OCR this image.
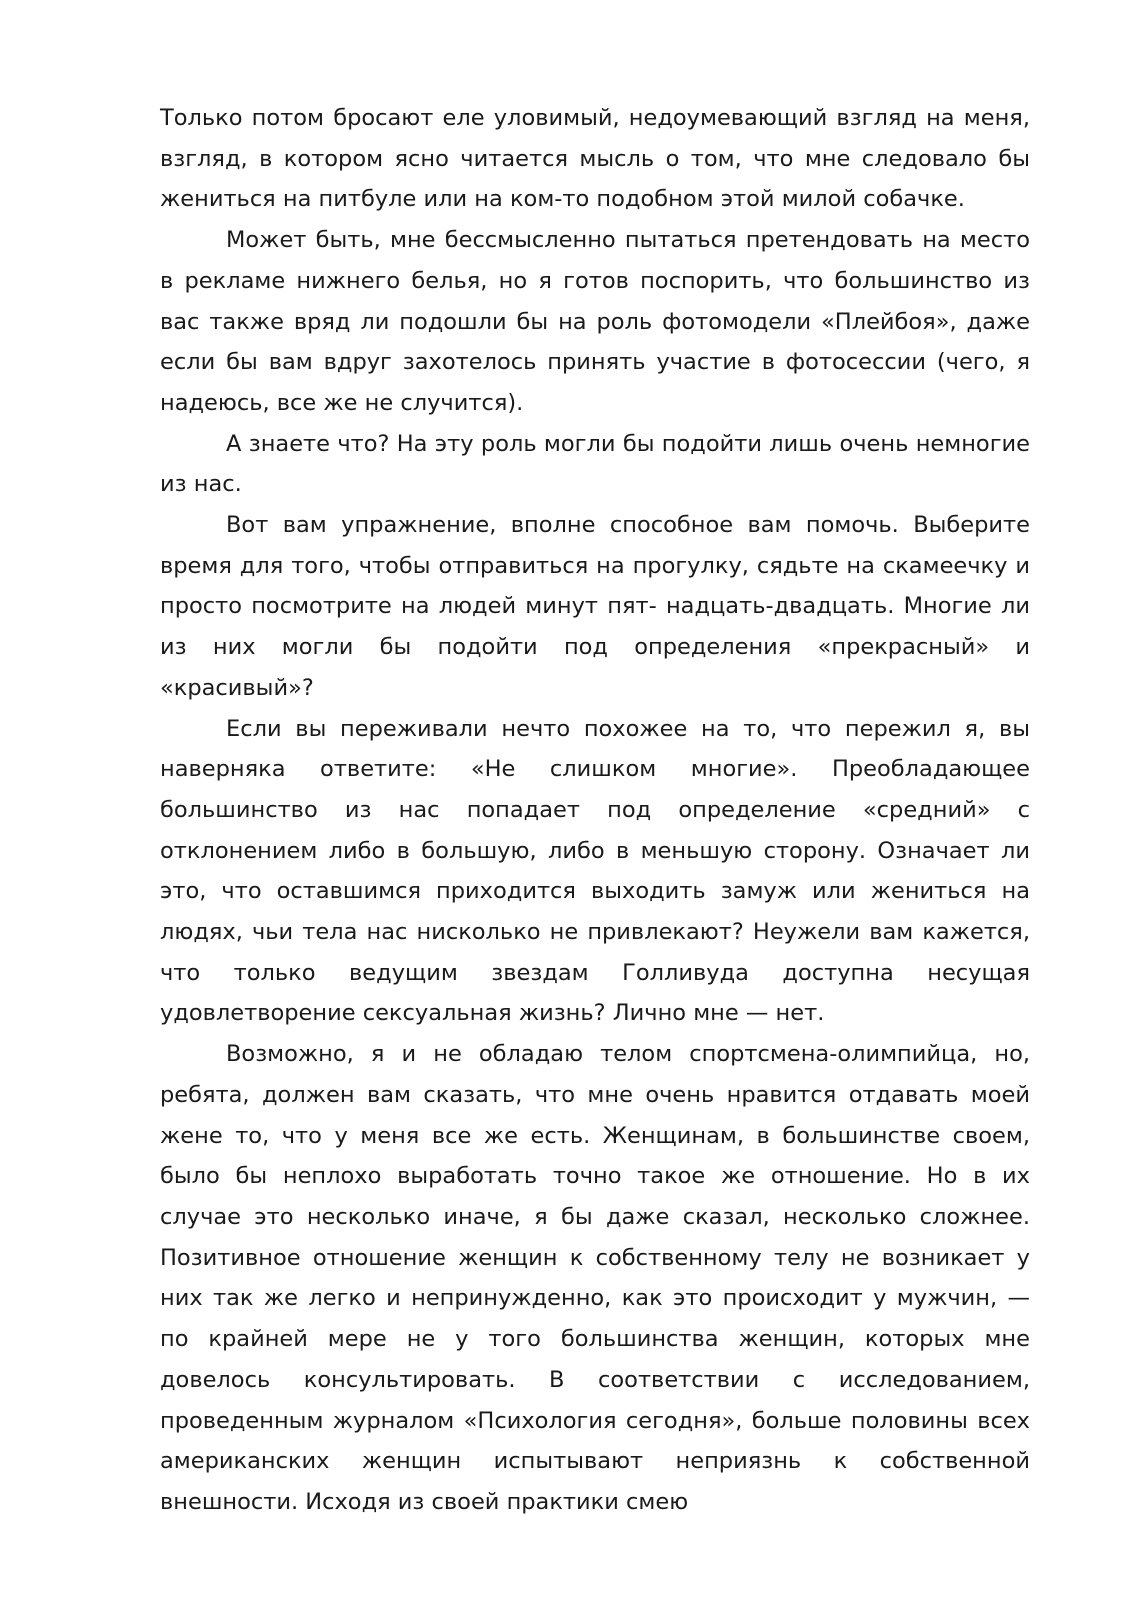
Только потом бросают еле уловимый, недоумевающий взгляд на меня, взгляд, в котором ясно читается мысль о том, что мне следовало бы жениться на питбуле или на ком-то подобном этой милой собачке.

Может быть, мне бессмысленно пытаться претендовать на место в рекламе нижнего белья, но я готов поспорить, что большинство из вас также вряд ли подошли бы на роль фотомодели «Плейбоя», даже если бы вам вдруг захотелось принять участие в фотосессии (чего, я надеюсь, все же не случится).

А знаете что? На эту роль могли бы подойти лишь очень немногие из нас.

Вот вам упражнение, вполне способное вам помочь. Выберите время для того, чтобы отправиться на прогулку, сядьте на скамеечку и просто посмотрите на людей минут пят- надцать-двадцать. Многие ли из них могли бы подойти под определения «прекрасный» и «красивый»?

Если вы переживали нечто похожее на то, что пережил я, вы наверняка ответите: «Не слишком многие». Преобладающее большинство из нас попадает под определение «средний» с отклонением либо в большую, либо в меньшую сторону. Означает ли это, что оставшимся приходится выходить замуж или жениться на людях, чьи тела нас нисколько не привлекают? Неужели вам кажется, что только ведущим звездам Голливуда доступна несущая удовлетворение сексуальная жизнь? Лично мне — нет.

Возможно, я и не обладаю телом спортсмена-олимпийца, но, ребята, должен вам сказать, что мне очень нравится отдавать моей жене то, что у меня все же есть. Женщинам, в большинстве своем, было бы неплохо выработать точно такое же отношение. Но в их случае это несколько иначе, я бы даже сказал, несколько сложнее. Позитивное отношение женщин к собственному телу не возникает у них так же легко и непринужденно, как это происходит у мужчин, — по крайней мере не у того большинства женщин, которых мне довелось консультировать. В соответствии с исследованием, проведенным журналом «Психология сегодня», больше половины всех американских женщин испытывают неприязнь к собственной внешности. Исходя из своей практики смею
